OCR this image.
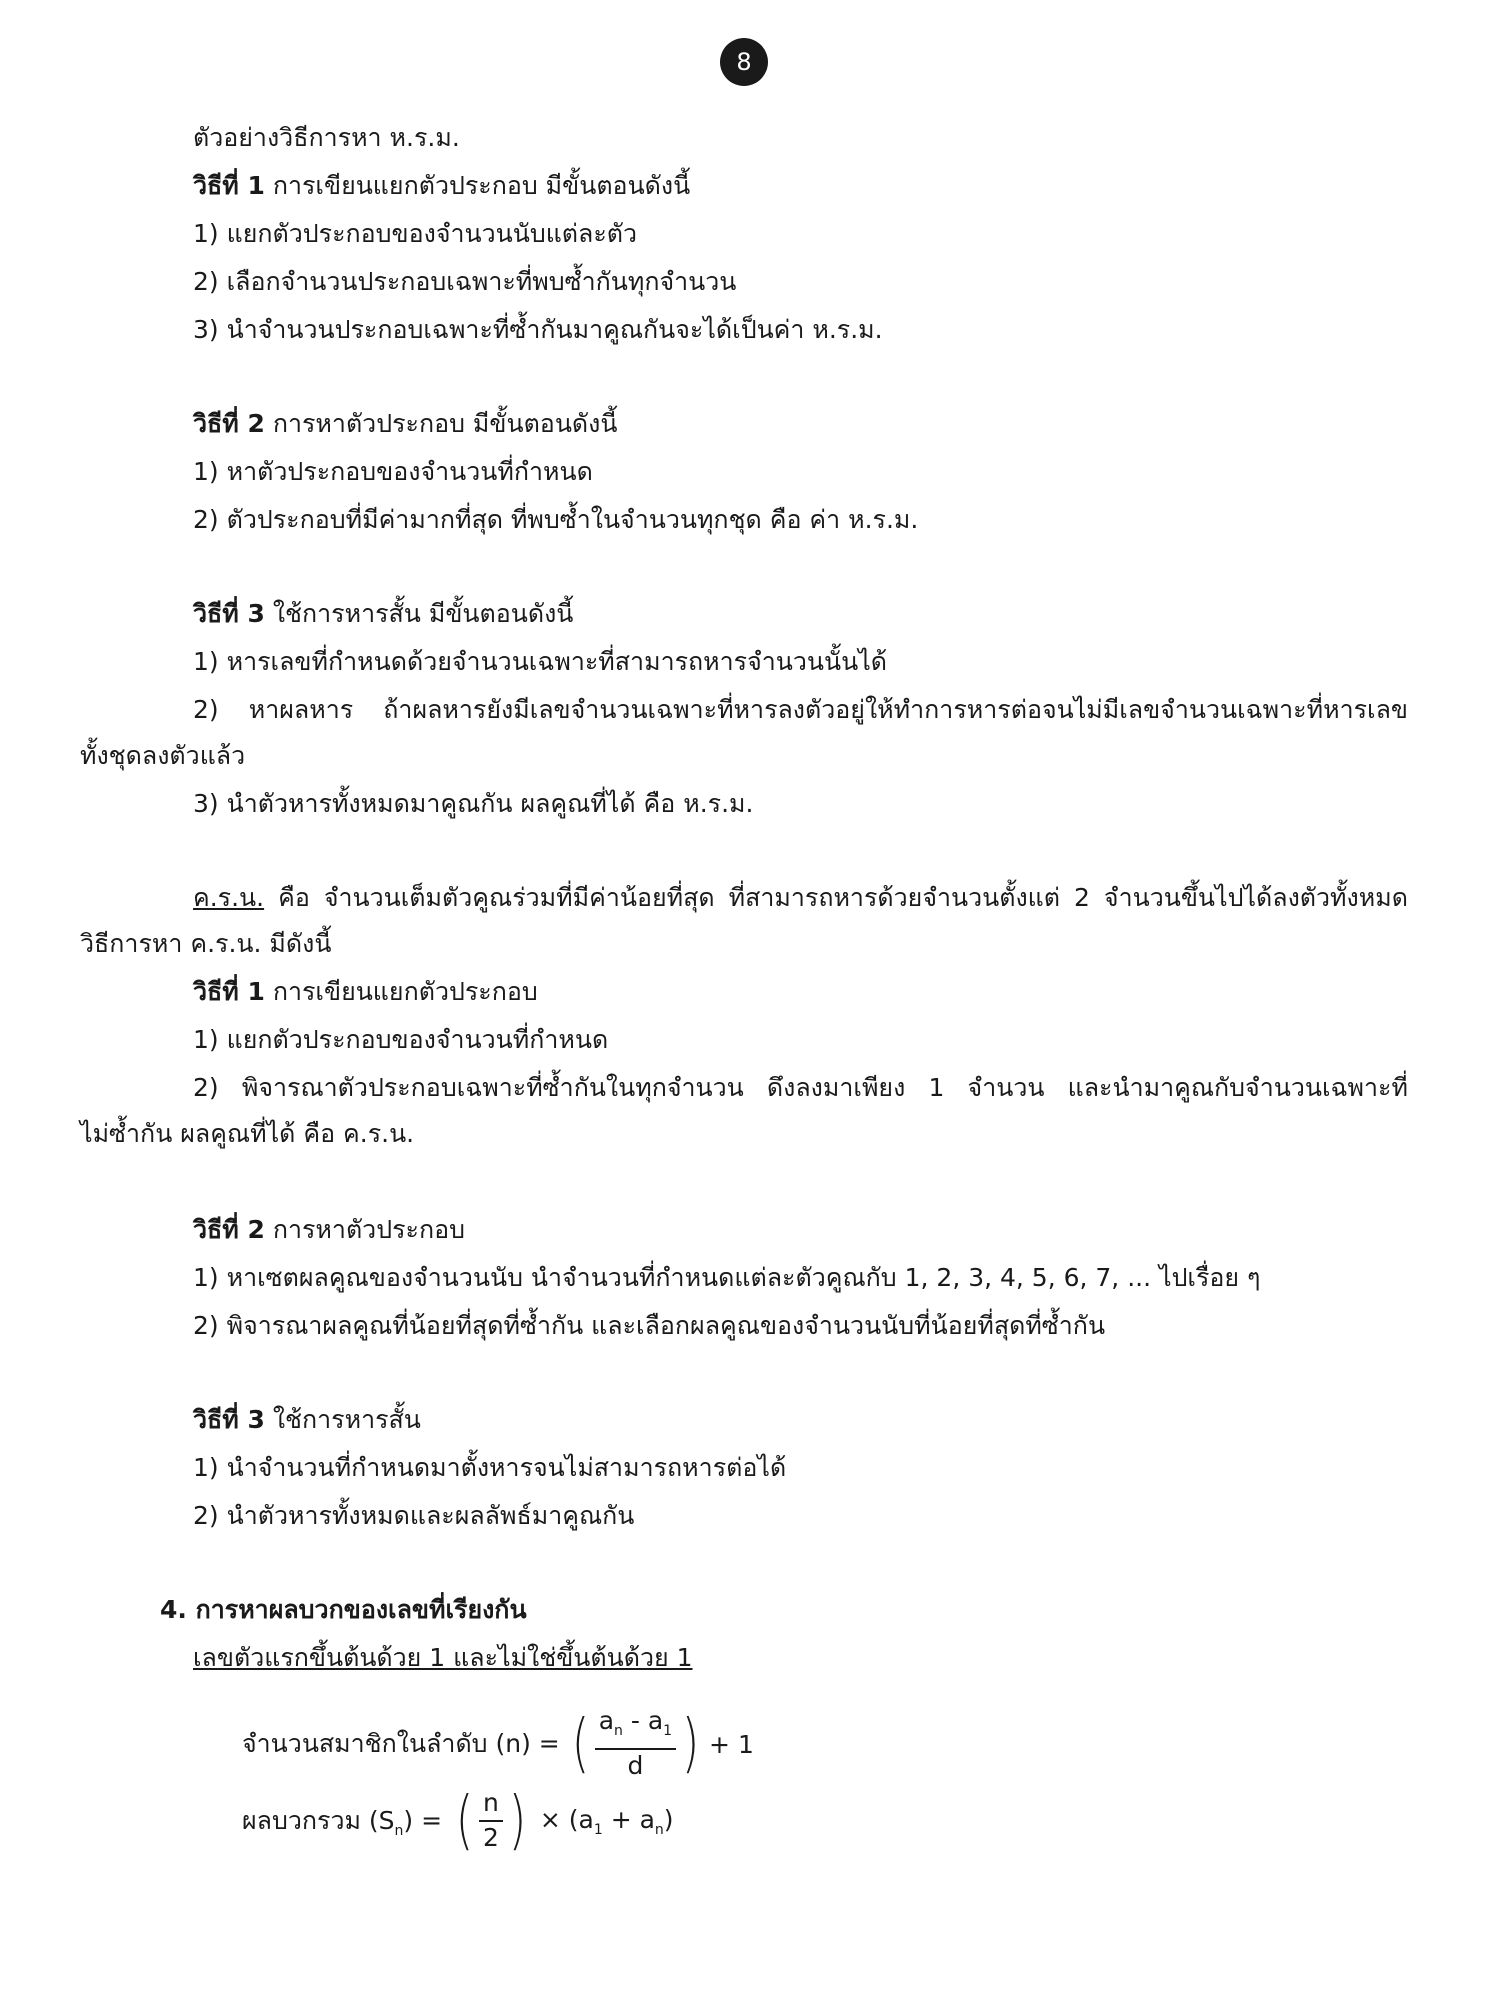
8
ตัวอย่างวิธีการหา ห.ร.ม.
วิธีที่ 1 การเขียนแยกตัวประกอบ มีขั้นตอนดังนี้
1) แยกตัวประกอบของจำนวนนับแต่ละตัว
2) เลือกจำนวนประกอบเฉพาะที่พบซ้ำกันทุกจำนวน
3) นำจำนวนประกอบเฉพาะที่ซ้ำกันมาคูณกันจะได้เป็นค่า ห.ร.ม.
วิธีที่ 2 การหาตัวประกอบ มีขั้นตอนดังนี้
1) หาตัวประกอบของจำนวนที่กำหนด
2) ตัวประกอบที่มีค่ามากที่สุด ที่พบซ้ำในจำนวนทุกชุด คือ ค่า ห.ร.ม.
วิธีที่ 3 ใช้การหารสั้น มีขั้นตอนดังนี้
1) หารเลขที่กำหนดด้วยจำนวนเฉพาะที่สามารถหารจำนวนนั้นได้
2) หาผลหาร ถ้าผลหารยังมีเลขจำนวนเฉพาะที่หารลงตัวอยู่ให้ทำการหารต่อจนไม่มีเลขจำนวนเฉพาะที่หารเลข
ทั้งชุดลงตัวแล้ว
3) นำตัวหารทั้งหมดมาคูณกัน ผลคูณที่ได้ คือ ห.ร.ม.
ค.ร.น. คือ จำนวนเต็มตัวคูณร่วมที่มีค่าน้อยที่สุด ที่สามารถหารด้วยจำนวนตั้งแต่ 2 จำนวนขึ้นไปได้ลงตัวทั้งหมด
วิธีการหา ค.ร.น. มีดังนี้
วิธีที่ 1 การเขียนแยกตัวประกอบ
1) แยกตัวประกอบของจำนวนที่กำหนด
2) พิจารณาตัวประกอบเฉพาะที่ซ้ำกันในทุกจำนวน ดึงลงมาเพียง 1 จำนวน และนำมาคูณกับจำนวนเฉพาะที่
ไม่ซ้ำกัน ผลคูณที่ได้ คือ ค.ร.น.
วิธีที่ 2 การหาตัวประกอบ
1) หาเซตผลคูณของจำนวนนับ นำจำนวนที่กำหนดแต่ละตัวคูณกับ 1, 2, 3, 4, 5, 6, 7, ... ไปเรื่อย ๆ
2) พิจารณาผลคูณที่น้อยที่สุดที่ซ้ำกัน และเลือกผลคูณของจำนวนนับที่น้อยที่สุดที่ซ้ำกัน
วิธีที่ 3 ใช้การหารสั้น
1) นำจำนวนที่กำหนดมาตั้งหารจนไม่สามารถหารต่อได้
2) นำตัวหารทั้งหมดและผลลัพธ์มาคูณกัน
4. การหาผลบวกของเลขที่เรียงกัน
เลขตัวแรกขึ้นต้นด้วย 1 และไม่ใช่ขึ้นต้นด้วย 1
จำนวนสมาชิกในลำดับ (n) = ( $\frac{a_n - a_1}{d}$ ) + 1
ผลบวกรวม $(S_n)$ = ( $\frac{n}{2}$ ) × $(a_1 + a_n)$
